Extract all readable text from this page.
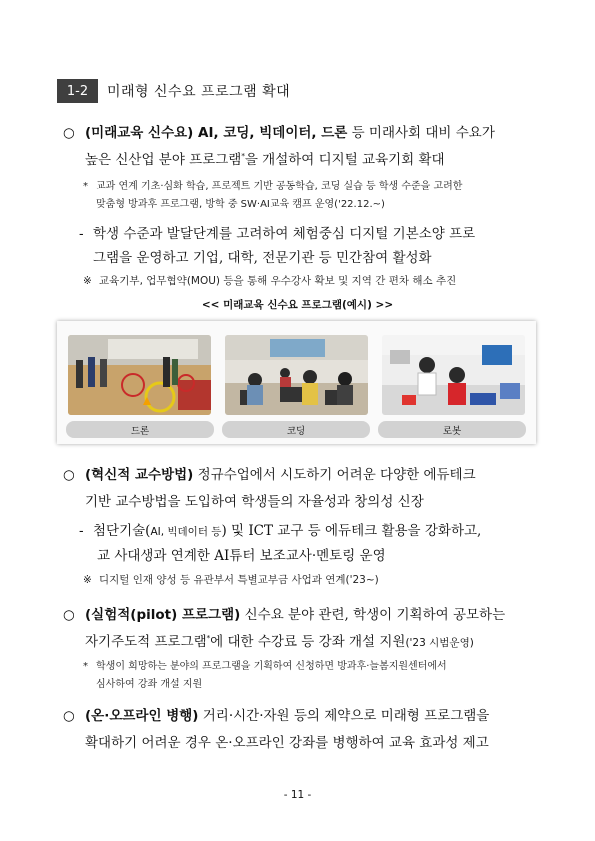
1-2	미래형 신수요 프로그램 확대
○ (미래교육 신수요) AI, 코딩, 빅데이터, 드론 등 미래사회 대비 수요가
높은 신산업 분야 프로그램*을 개설하여 디지털 교육기회 확대
* 교과 연계 기초·심화 학습, 프로젝트 기반 공동학습, 코딩 실습 등 학생 수준을 고려한
맞춤형 방과후 프로그램, 방학 중 SW·AI교육 캠프 운영('22.12.~)
- 학생 수준과 발달단계를 고려하여 체험중심 디지털 기본소양 프로
그램을 운영하고 기업, 대학, 전문기관 등 민간참여 활성화
※ 교육기부, 업무협약(MOU) 등을 통해 우수강사 확보 및 지역 간 편차 해소 추진
<< 미래교육 신수요 프로그램(예시) >>
드론	코딩	로봇
○ (혁신적 교수방법) 정규수업에서 시도하기 어려운 다양한 에듀테크
기반 교수방법을 도입하여 학생들의 자율성과 창의성 신장
- 첨단기술(AI, 빅데이터 등) 및 ICT 교구 등 에듀테크 활용을 강화하고,
교 사대생과 연계한 AI튜터 보조교사·멘토링 운영
※ 디지털 인재 양성 등 유관부서 특별교부금 사업과 연계('23~)
○ (실험적(pilot) 프로그램) 신수요 분야 관련, 학생이 기획하여 공모하는
자기주도적 프로그램*에 대한 수강료 등 강좌 개설 지원('23 시범운영)
* 학생이 희망하는 분야의 프로그램을 기획하여 신청하면 방과후·늘봄지원센터에서
심사하여 강좌 개설 지원
○ (온·오프라인 병행) 거리·시간·자원 등의 제약으로 미래형 프로그램을
확대하기 어려운 경우 온·오프라인 강좌를 병행하여 교육 효과성 제고
- 11 -
